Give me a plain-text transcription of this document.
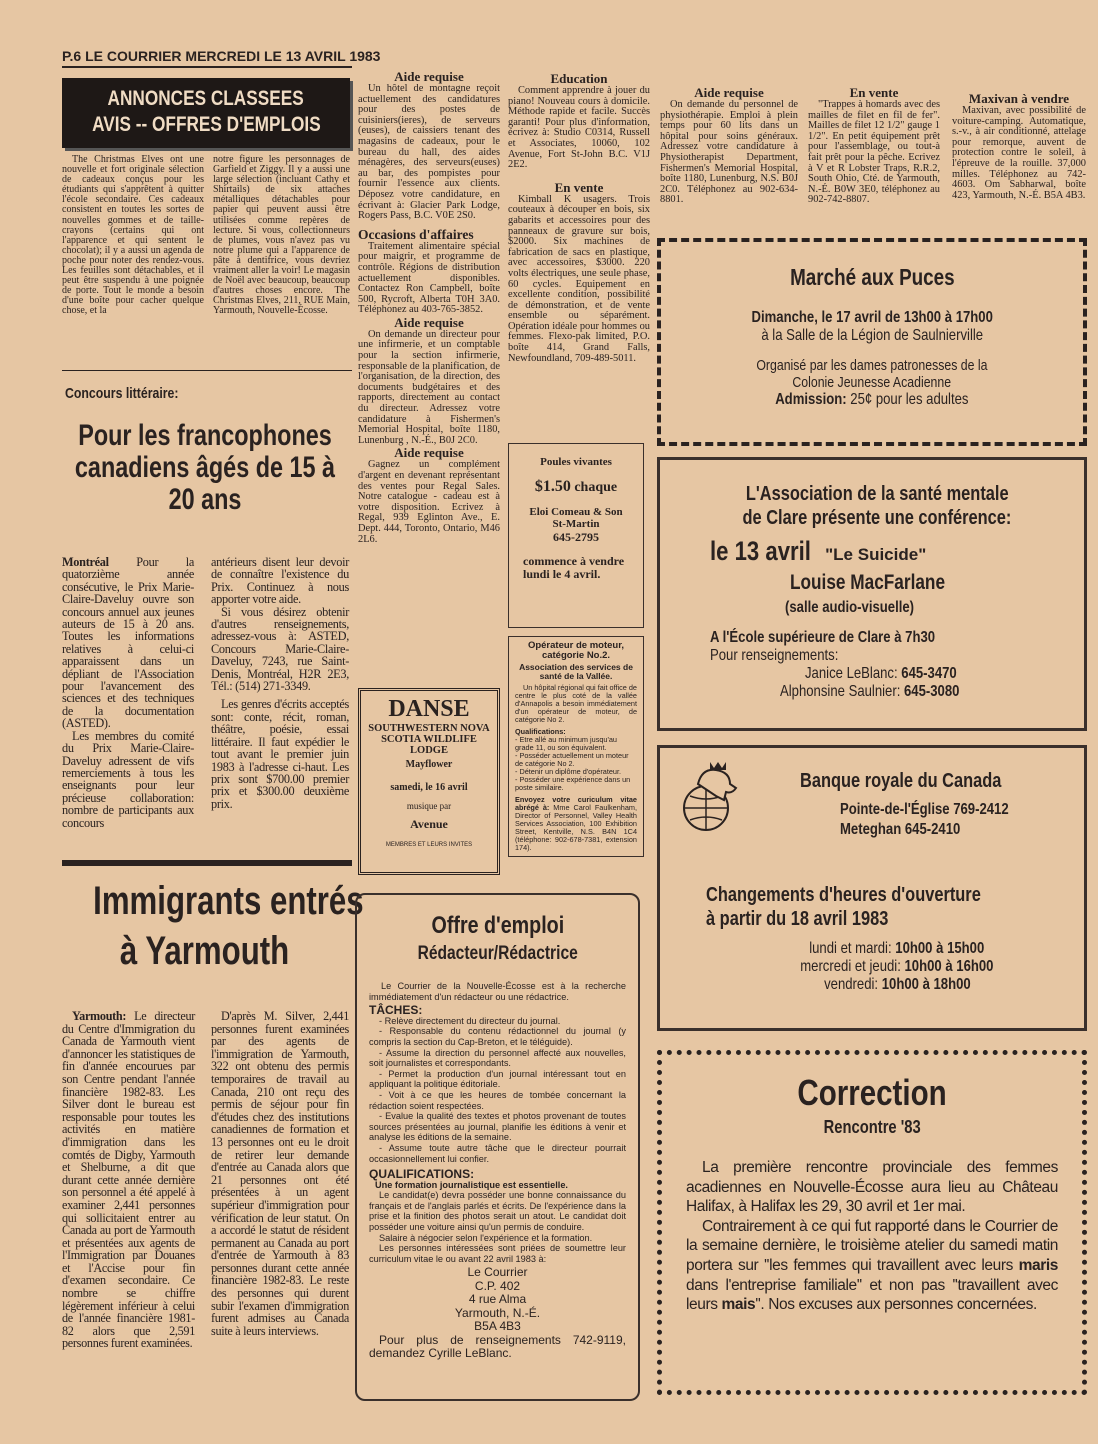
P.6 LE COURRIER MERCREDI LE 13 AVRIL 1983
ANNONCES CLASSEES
AVIS -- OFFRES D'EMPLOIS

The Christmas Elves ont une nouvelle et fort originale sélection de cadeaux conçus pour les étudiants qui s'apprêtent à quitter l'école secondaire. Ces cadeaux consistent en toutes les sortes de nouvelles gommes et de taille-crayons (certains qui ont l'apparence et qui sentent le chocolat); il y a aussi un agenda de poche pour noter des rendez-vous. Les feuilles sont détachables, et il peut être suspendu à une poignée de porte. Tout le monde a besoin d'une boîte pour cacher quelque chose, et la

notre figure les personnages de Garfield et Ziggy. Il y a aussi une large sélection (incluant Cathy et Shirtails) de six attaches métalliques détachables pour papier qui peuvent aussi être utilisées comme repères de lecture. Si vous, collectionneurs de plumes, vous n'avez pas vu notre plume qui a l'apparence de pâte à dentifrice, vous devriez vraiment aller la voir! Le magasin de Noël avec beaucoup, beaucoup d'autres choses encore. The Christmas Elves, 211, RUE Main, Yarmouth, Nouvelle-Écosse.

Concours littéraire:
Pour les francophones canadiens âgés de 15 à 20 ans

Montréal Pour la quatorzième année consécutive, le Prix Marie-Claire-Daveluy ouvre son concours annuel aux jeunes auteurs de 15 à 20 ans. Toutes les informations relatives à celui-ci apparaissent dans un dépliant de l'Association pour l'avancement des sciences et des techniques de la documentation (ASTED).

Les membres du comité du Prix Marie-Claire-Daveluy adressent de vifs remerciements à tous les enseignants pour leur précieuse collaboration: nombre de participants aux concours

antérieurs disent leur devoir de connaître l'existence du Prix. Continuez à nous apporter votre aide.

Si vous désirez obtenir d'autres renseignements, adressez-vous à: ASTED, Concours Marie-Claire-Daveluy, 7243, rue Saint-Denis, Montréal, H2R 2E3, Tél.: (514) 271-3349.

Les genres d'écrits acceptés sont: conte, récit, roman, théâtre, poésie, essai littéraire. Il faut expédier le tout avant le premier juin 1983 à l'adresse ci-haut. Les prix sont $700.00 premier prix et $300.00 deuxième prix.

Immigrants entrés
à Yarmouth

Yarmouth: Le directeur du Centre d'Immigration du Canada de Yarmouth vient d'annoncer les statistiques de fin d'année encourues par son Centre pendant l'année financière 1982-83. Les Silver dont le bureau est responsable pour toutes les activités en matière d'immigration dans les comtés de Digby, Yarmouth et Shelburne, a dit que durant cette année dernière son personnel a été appelé à examiner 2,441 personnes qui sollicitaient entrer au Canada au port de Yarmouth et présentées aux agents de l'Immigration par Douanes et l'Accise pour fin d'examen secondaire. Ce nombre se chiffre légèrement inférieur à celui de l'année financière 1981-82 alors que 2,591 personnes furent examinées.

D'après M. Silver, 2,441 personnes furent examinées par des agents de l'immigration de Yarmouth, 322 ont obtenu des permis temporaires de travail au Canada, 210 ont reçu des permis de séjour pour fin d'études chez des institutions canadiennes de formation et 13 personnes ont eu le droit de retirer leur demande d'entrée au Canada alors que 21 personnes ont été présentées à un agent supérieur d'immigration pour vérification de leur statut. On a accordé le statut de résident permanent au Canada au port d'entrée de Yarmouth à 83 personnes durant cette année financière 1982-83. Le reste des personnes qui durent subir l'examen d'immigration furent admises au Canada suite à leurs interviews.

Aide requise

Un hôtel de montagne reçoit actuellement des candidatures pour des postes de cuisiniers(ieres), de serveurs (euses), de caissiers tenant des magasins de cadeaux, pour le bureau du hall, des aides ménagères, des serveurs(euses) au bar, des pompistes pour fournir l'essence aux clients. Déposez votre candidature, en écrivant à: Glacier Park Lodge, Rogers Pass, B.C. V0E 2S0.

Occasions d'affaires

Traitement alimentaire spécial pour maigrir, et programme de contrôle. Régions de distribution actuellement disponibles. Contactez Ron Campbell, boîte 500, Rycroft, Alberta T0H 3A0. Téléphonez au 403-765-3852.

Aide requise

On demande un directeur pour une infirmerie, et un comptable pour la section infirmerie, responsable de la planification, de l'organisation, de la direction, des documents budgétaires et des rapports, directement au contact du directeur. Adressez votre candidature à Fishermen's Memorial Hospital, boîte 1180, Lunenburg , N.-É., B0J 2C0.

Aide requise

Gagnez un complément d'argent en devenant représentant des ventes pour Regal Sales. Notre catalogue - cadeau est à votre disposition. Ecrivez à Regal, 939 Eglinton Ave., E. Dept. 444, Toronto, Ontario, M46 2L6.

Education

Comment apprendre à jouer du piano! Nouveau cours à domicile. Méthode rapide et facile. Succès garanti! Pour plus d'information, écrivez à: Studio C0314, Russell et Associates, 10060, 102 Avenue, Fort St-John B.C. V1J 2E2.

En vente

Kimball K usagers. Trois couteaux à découper en bois, six gabarits et accessoires pour des panneaux de gravure sur bois, $2000. Six machines de fabrication de sacs en plastique, avec accessoires, $3000. 220 volts électriques, une seule phase, 60 cycles. Equipement en excellente condition, possibilité de démonstration, et de vente ensemble ou séparément. Opération idéale pour hommes ou femmes. Flexo-pak limited, P.O. boîte 414, Grand Falls, Newfoundland, 709-489-5011.

Poules vivantes
$1.50 chaque
Eloi Comeau & Son
St-Martin
645-2795
commence à vendre lundi le 4 avril.
Opérateur de moteur, catégorie No.2.
Association des services de santé de la Vallée.
Un hôpital régional qui fait office de centre le plus coté de la vallée d'Annapolis a besoin immédiatement d'un opérateur de moteur, de catégorie No 2.
Qualifications:
- Etre allé au minimum jusqu'au grade 11, ou son équivalent.
- Posséder actuellement un moteur de catégorie No 2.
- Détenir un diplôme d'opérateur.
- Posséder une expérience dans un poste similaire.
Envoyez votre curiculum vitae abrégé à: Mme Carol Faulkenham, Director of Personnel, Valley Health Services Association, 100 Exhibition Street, Kentville, N.S. B4N 1C4 (téléphone: 902-678-7381, extension 174).
DANSE
SOUTHWESTERN NOVA SCOTIA WILDLIFE LODGE
Mayflower
samedi, le 16 avril
musique par
Avenue
MEMBRES ET LEURS INVITES
Offre d'emploi
Rédacteur/Rédactrice
Le Courrier de la Nouvelle-Écosse est à la recherche immédiatement d'un rédacteur ou une rédactrice.
TÂCHES:
- Relève directement du directeur du journal.
- Responsable du contenu rédactionnel du journal (y compris la section du Cap-Breton, et le téléguide).
- Assume la direction du personnel affecté aux nouvelles, soit journalistes et correspondants.
- Permet la production d'un journal intéressant tout en appliquant la politique éditoriale.
- Voit à ce que les heures de tombée concernant la rédaction soient respectées.
- Evalue la qualité des textes et photos provenant de toutes sources présentées au journal, planifie les éditions à venir et analyse les éditions de la semaine.
- Assume toute autre tâche que le directeur pourrait occasionnellement lui confier.
QUALIFICATIONS:
Une formation journalistique est essentielle.
Le candidat(e) devra posséder une bonne connaissance du français et de l'anglais parlés et écrits. De l'expérience dans la prise et la finition des photos serait un atout. Le candidat doit posséder une voiture ainsi qu'un permis de conduire.
Salaire à négocier selon l'expérience et la formation.
Les personnes intéressées sont priées de soumettre leur curriculum vitae le ou avant 22 avril 1983 à:
Le Courrier
C.P. 402
4 rue Alma
Yarmouth, N.-É.
B5A 4B3
Pour plus de renseignements 742-9119, demandez Cyrille LeBlanc.
Aide requise

On demande du personnel de physiothérapie. Emploi à plein temps pour 60 lits dans un hôpital pour soins généraux. Adressez votre candidature à Physiotherapist Department, Fishermen's Memorial Hospital, boîte 1180, Lunenburg, N.S. B0J 2C0. Téléphonez au 902-634-8801.

En vente

"Trappes à homards avec des mailles de filet en fil de fer". Mailles de filet 12 1/2" gauge 1 1/2". En petit équipement prêt pour l'assemblage, ou tout-à fait prêt pour la pêche. Ecrivez à V et R Lobster Traps, R.R.2, South Ohio, Cté. de Yarmouth, N.-É. B0W 3E0, téléphonez au 902-742-8807.

Maxivan à vendre

Maxivan, avec possibilité de voiture-camping. Automatique, s.-v., à air conditionné, attelage pour remorque, auvent de protection contre le soleil, à l'épreuve de la rouille. 37,000 milles. Téléphonez au 742-4603. Om Sabharwal, boîte 423, Yarmouth, N.-É. B5A 4B3.

Marché aux Puces
Dimanche, le 17 avril de 13h00 à 17h00
à la Salle de la Légion de Saulnierville
Organisé par les dames patronesses de la
Colonie Jeunesse Acadienne
Admission: 25¢ pour les adultes
L'Association de la santé mentale
de Clare présente une conférence:
le 13 avril "Le Suicide"
Louise MacFarlane
(salle audio-visuelle)
A l'École supérieure de Clare à 7h30
Pour renseignements:
Janice LeBlanc: 645-3470
Alphonsine Saulnier: 645-3080
Banque royale du Canada
Pointe-de-l'Église 769-2412
Meteghan 645-2410
Changements d'heures d'ouverture
à partir du 18 avril 1983
lundi et mardi: 10h00 à 15h00
mercredi et jeudi: 10h00 à 16h00
vendredi: 10h00 à 18h00
Correction
Rencontre '83

La première rencontre provinciale des femmes acadiennes en Nouvelle-Écosse aura lieu au Château Halifax, à Halifax les 29, 30 avril et 1er mai.

Contrairement à ce qui fut rapporté dans le Courrier de la semaine dernière, le troisième atelier du samedi matin portera sur ''les femmes qui travaillent avec leurs maris dans l'entreprise familiale'' et non pas ''travaillent avec leurs mais''. Nos excuses aux personnes concernées.
